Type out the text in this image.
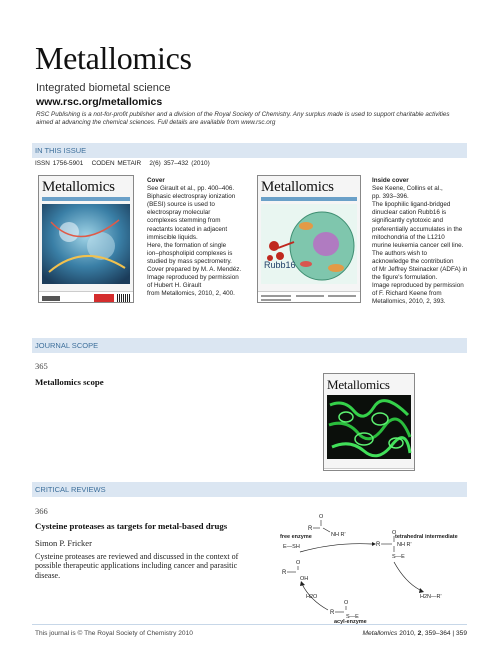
Metallomics
Integrated biometal science
www.rsc.org/metallomics
RSC Publishing is a not-for-profit publisher and a division of the Royal Society of Chemistry. Any surplus made is used to support charitable activities aimed at advancing the chemical sciences. Full details are available from www.rsc.org
IN THIS ISSUE
ISSN 1756-5901   CODEN METAIR   2(6) 357–432 (2010)
Metallomics	Cover
See Girault et al., pp. 400–406.
Biphasic electrospray ionization
(BESI) source is used to
electrospray molecular
complexes stemming from
reactants located in adjacent
immiscible liquids.
Here, the formation of single
ion–phospholipid complexes is
studied by mass spectrometry.
Cover prepared by M. A. Mendéz.
Image reproduced by permission
of Hubert H. Girault
from Metallomics, 2010, 2, 400.
Metallomics
Rubb16
Inside cover
See Keene, Collins et al.,
pp. 393–396.
The lipophilic ligand-bridged
dinuclear cation Rubb16 is
significantly cytotoxic and
preferentially accumulates in the
mitochondria of the L1210
murine leukemia cancer cell line.
The authors wish to
acknowledge the contribution
of Mr Jeffrey Steinacker (ADFA) in
the figure's formulation.
Image reproduced by permission
of F. Richard Keene from
Metallomics, 2010, 2, 393.
JOURNAL SCOPE
365
Metallomics scope	Metallomics
CRITICAL REVIEWS
366
Cysteine proteases as targets for metal-based drugs
Simon P. Fricker
Cysteine proteases are reviewed and discussed in the context of possible therapeutic applications including cancer and parasitic disease.
O
R
NH R'
free enzyme
E—SH
tetrahedral intermediate
O
R	NH R'
S—E
R
O
OH
H2O	H2N—R'
O
R
S—E
acyl-enzyme
This journal is © The Royal Society of Chemistry 2010	Metallomics 2010, 2, 359–364 | 359
